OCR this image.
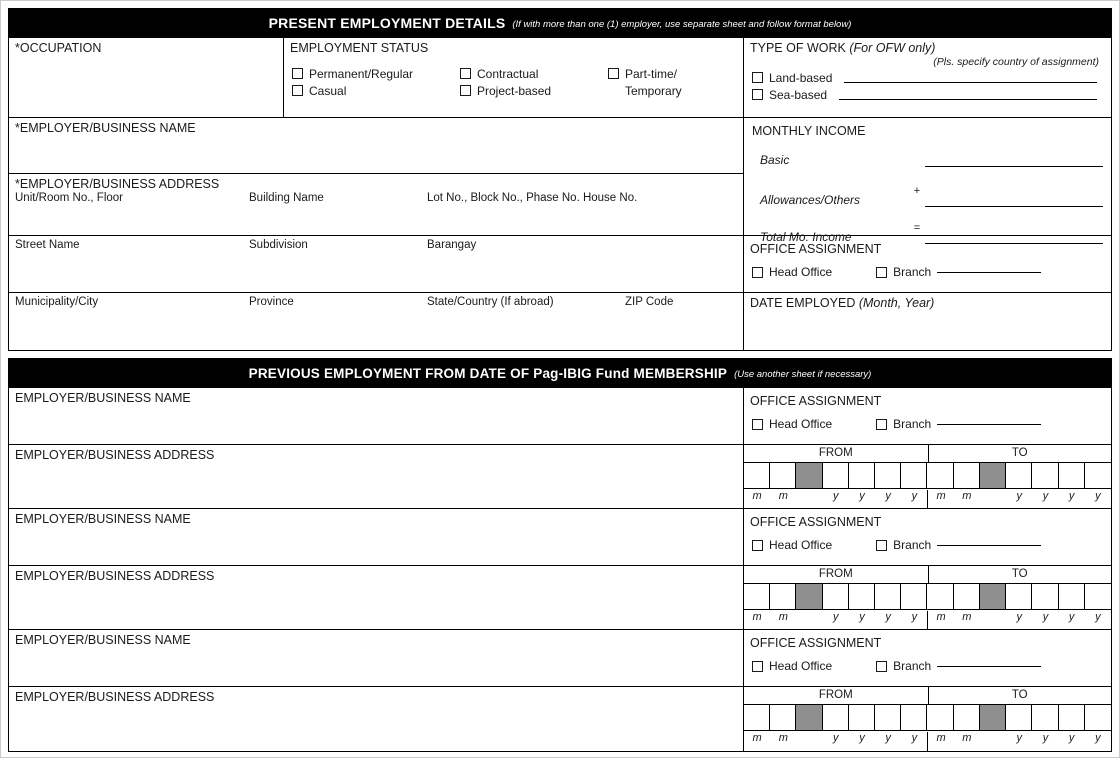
PRESENT EMPLOYMENT DETAILS (If with more than one (1) employer, use separate sheet and follow format below)
*OCCUPATION	EMPLOYMENT STATUS
Permanent/Regular
Casual
Contractual
Project-based
Part-time/
Temporary
TYPE OF WORK (For OFW only)
(Pls. specify country of assignment)
Land-based
Sea-based
*EMPLOYER/BUSINESS NAME
*EMPLOYER/BUSINESS ADDRESS
Unit/Room No., Floor	Building Name	Lot No., Block No., Phase No. House No.
MONTHLY INCOME
Basic
Allowances/Others
+
Total Mo. Income
=
Street Name	Subdivision	Barangay	OFFICE ASSIGNMENT
Head Office	Branch
Municipality/City	Province	State/Country (If abroad)	ZIP Code	DATE EMPLOYED (Month, Year)
PREVIOUS EMPLOYMENT FROM DATE OF Pag-IBIG Fund MEMBERSHIP (Use another sheet if necessary)
EMPLOYER/BUSINESS NAME	OFFICE ASSIGNMENT
Head Office	Branch
EMPLOYER/BUSINESS ADDRESS	FROM	TO
m	m	y	y	y	y	m	m	y	y	y	y
EMPLOYER/BUSINESS NAME	OFFICE ASSIGNMENT
Head Office	Branch
EMPLOYER/BUSINESS ADDRESS	FROM	TO
m	m	y	y	y	y	m	m	y	y	y	y
EMPLOYER/BUSINESS NAME	OFFICE ASSIGNMENT
Head Office	Branch
EMPLOYER/BUSINESS ADDRESS	FROM	TO
m	m	y	y	y	y	m	m	y	y	y	y
